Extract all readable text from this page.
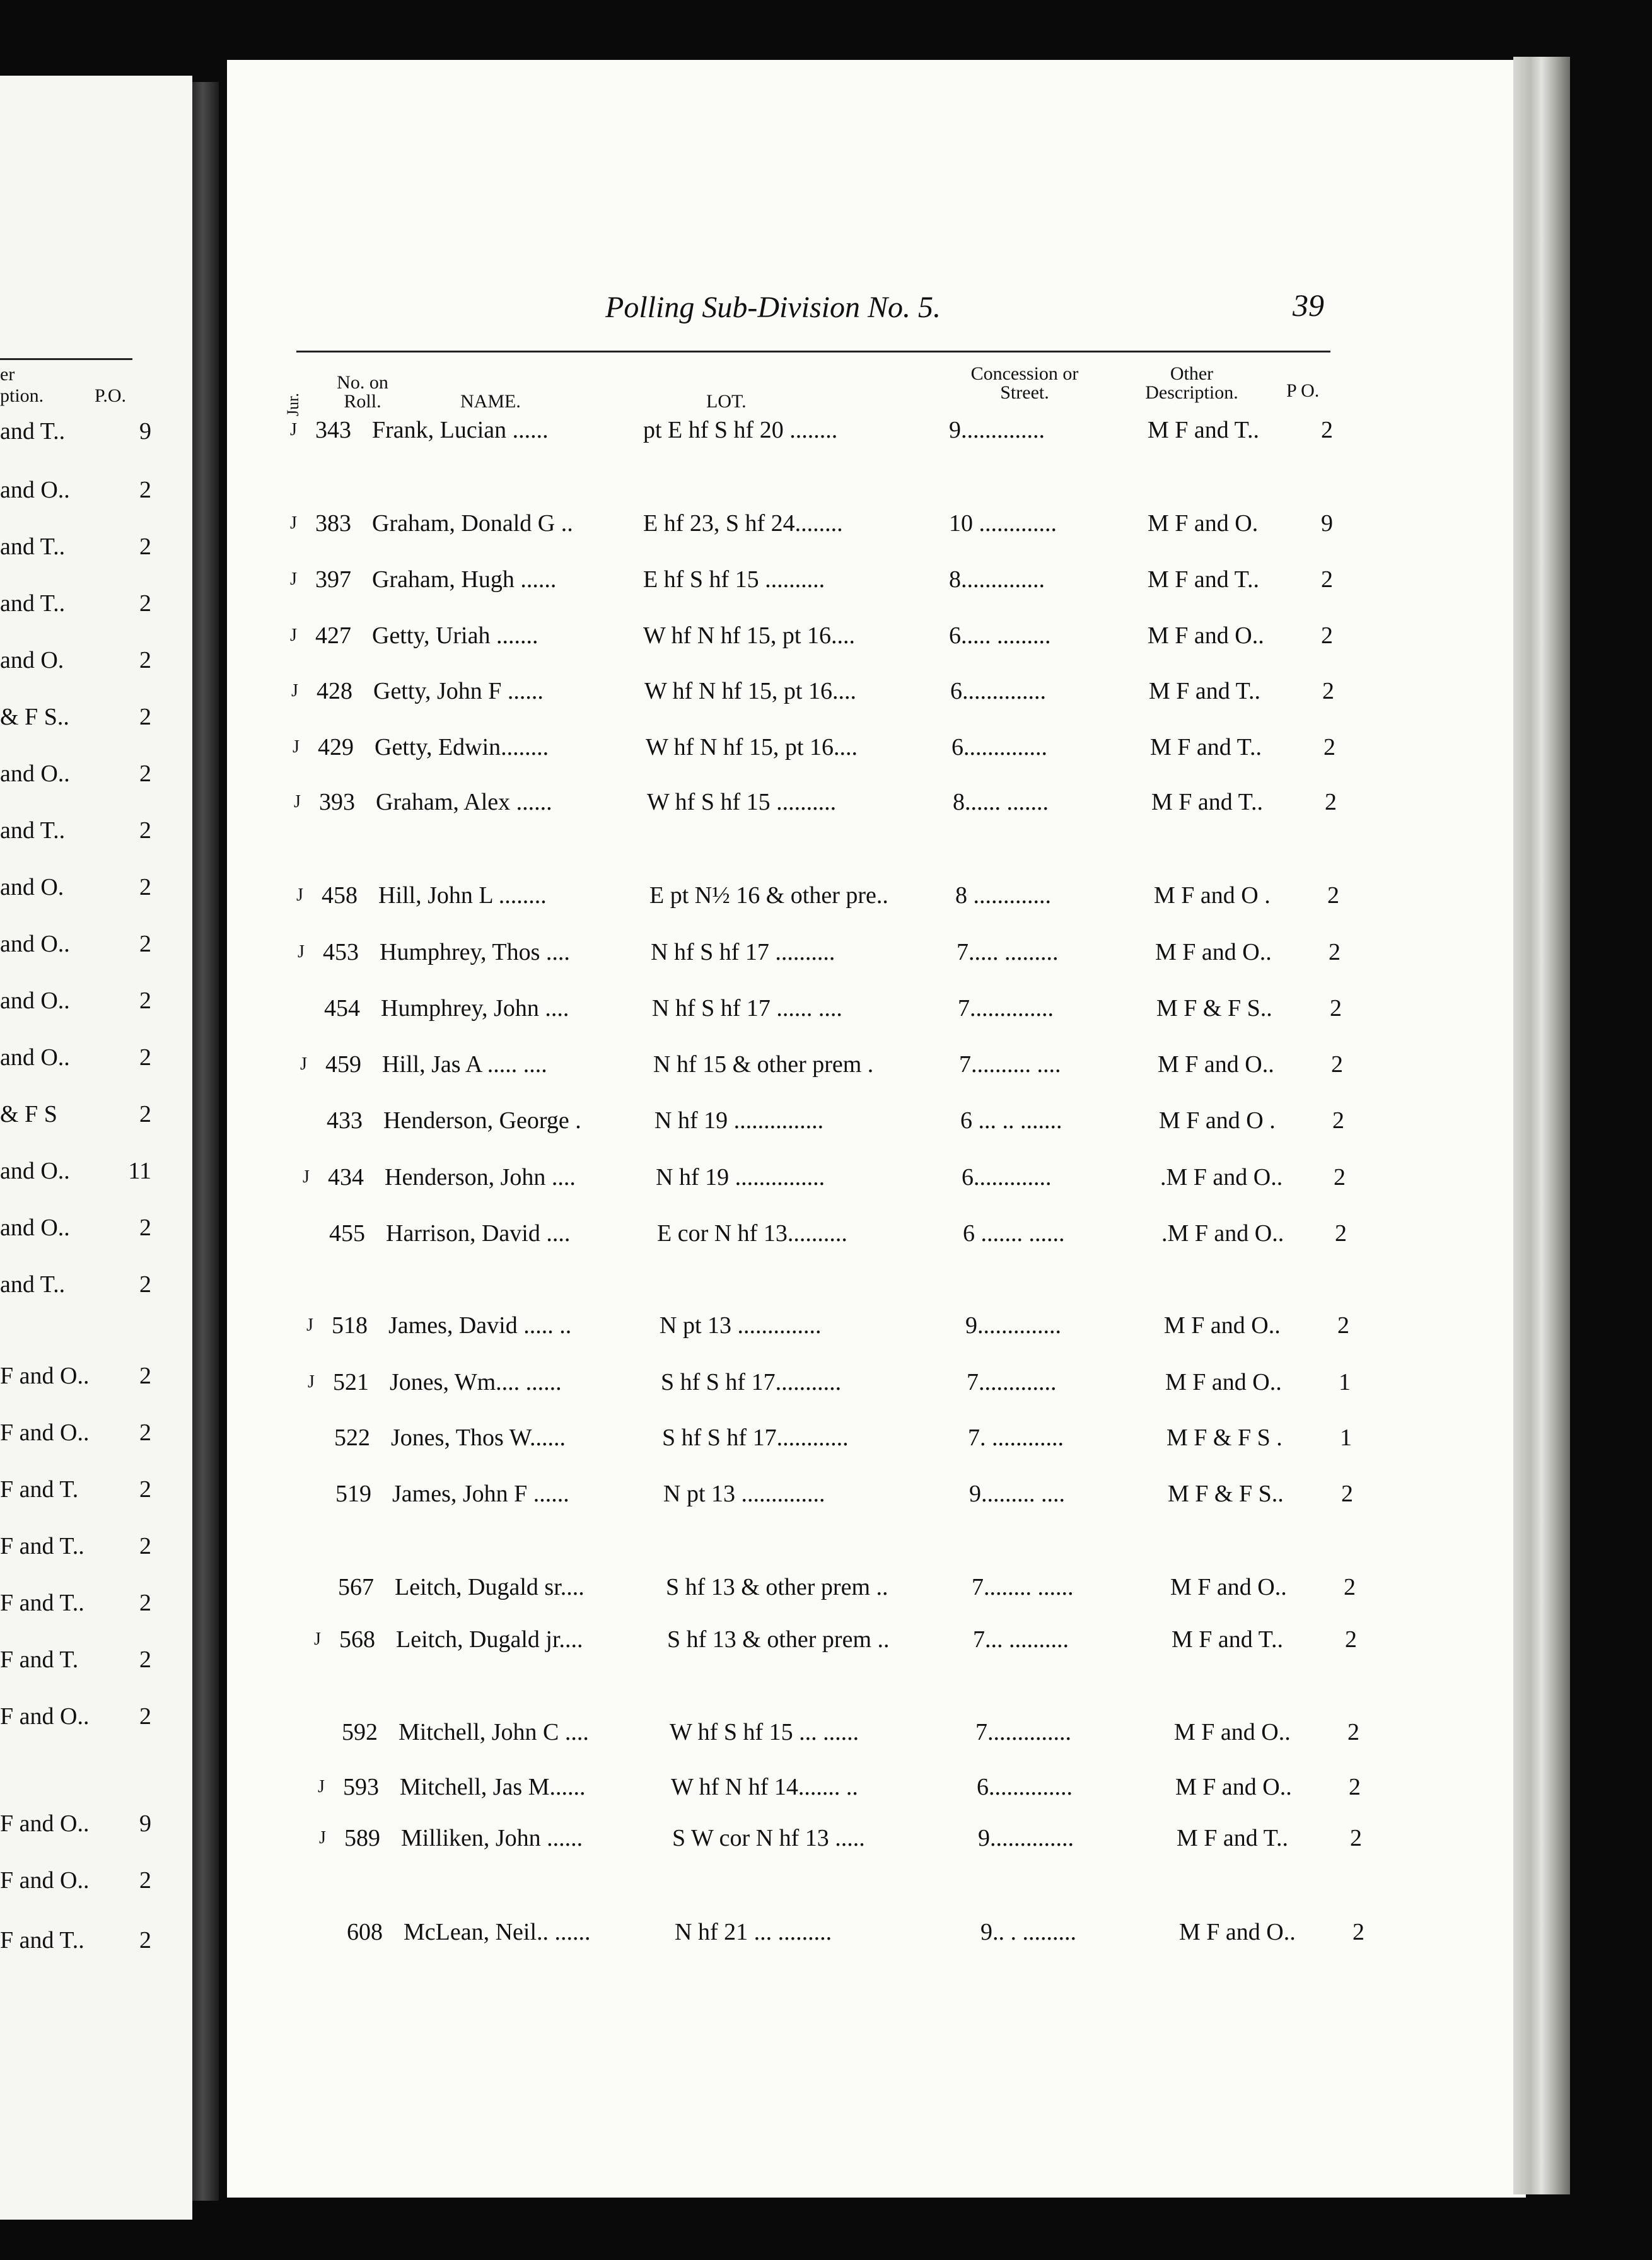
er
ption.	P.O.
and T..	9
and O..	2
and T..	2
and T..	2
and O.	2
& F S..	2
and O..	2
and T..	2
and O.	2
and O..	2
and O..	2
and O..	2
& F S	2
and O.. 11
and O..	2
and T..	2
F and O.. 2
F and O.. 2
F and T.	2
F and T.. 2
F and T.. 2
F and T.	2
F and O.. 2
F and O.. 9
F and O.. 2
F and T.. 2
Polling Sub-Division No. 5.	39
Jur.
No. on Roll.	NAME.	LOT.
Concession or Street.
Other Description.	P O.
J 343 Frank, Lucian ......	pt E hf S hf 20 ........	9..............	M F and T..	2
J 383 Graham, Donald G ..	E hf 23, S hf 24........	10 .............	M F and O.	9
J 397 Graham, Hugh ......	E hf S hf 15 ..........	8..............	M F and T..	2
J 427 Getty, Uriah .......	W hf N hf 15, pt 16....	6..... .........	M F and O.. 2
J 428 Getty, John F ......	W hf N hf 15, pt 16....	6..............	M F and T..	2
J 429 Getty, Edwin........	W hf N hf 15, pt 16....	6..............	M F and T..	2
J 393 Graham, Alex ......	W hf S hf 15 ..........	8...... .......	M F and T..	2
J 458 Hill, John L ........	E pt N½ 16 & other pre..	8 .............	M F and O . 2
J 453 Humphrey, Thos ....	N hf S hf 17 ..........	7..... .........	M F and O.. 2
454 Humphrey, John ....	N hf S hf 17 ...... ....	7..............	M F & F S.. 2
J 459 Hill, Jas A ..... ....	N hf 15 & other prem .	7.......... ....	M F and O.. 2
433 Henderson, George .	N hf 19 ...............	6 ... .. .......	M F and O . 2
J 434 Henderson, John ....	N hf 19 ...............	6.............	.M F and O.. 2
455 Harrison, David ....	E cor N hf 13..........	6 ....... ......	.M F and O.. 2
J 518 James, David ..... ..	N pt 13 ..............	9..............	M F and O.. 2
J 521 Jones, Wm.... ......	S hf S hf 17...........	7.............	M F and O.. 1
522 Jones, Thos W......	S hf S hf 17............	7. ............	M F & F S . 1
519 James, John F ......	N pt 13 ..............	9......... ....	M F & F S.. 2
567 Leitch, Dugald sr....	S hf 13 & other prem ..	7........ ......	M F and O.. 2
J 568 Leitch, Dugald jr....	S hf 13 & other prem ..	7... ..........	M F and T..	2
592 Mitchell, John C ....	W hf S hf 15 ... ......	7..............	M F and O.. 2
J 593 Mitchell, Jas M......	W hf N hf 14....... ..	6..............	M F and O.. 2
J 589 Milliken, John ......	S W cor N hf 13 .....	9..............	M F and T..	2
608 McLean, Neil.. ......	N hf 21 ... .........	9.. . .........	M F and O.. 2
